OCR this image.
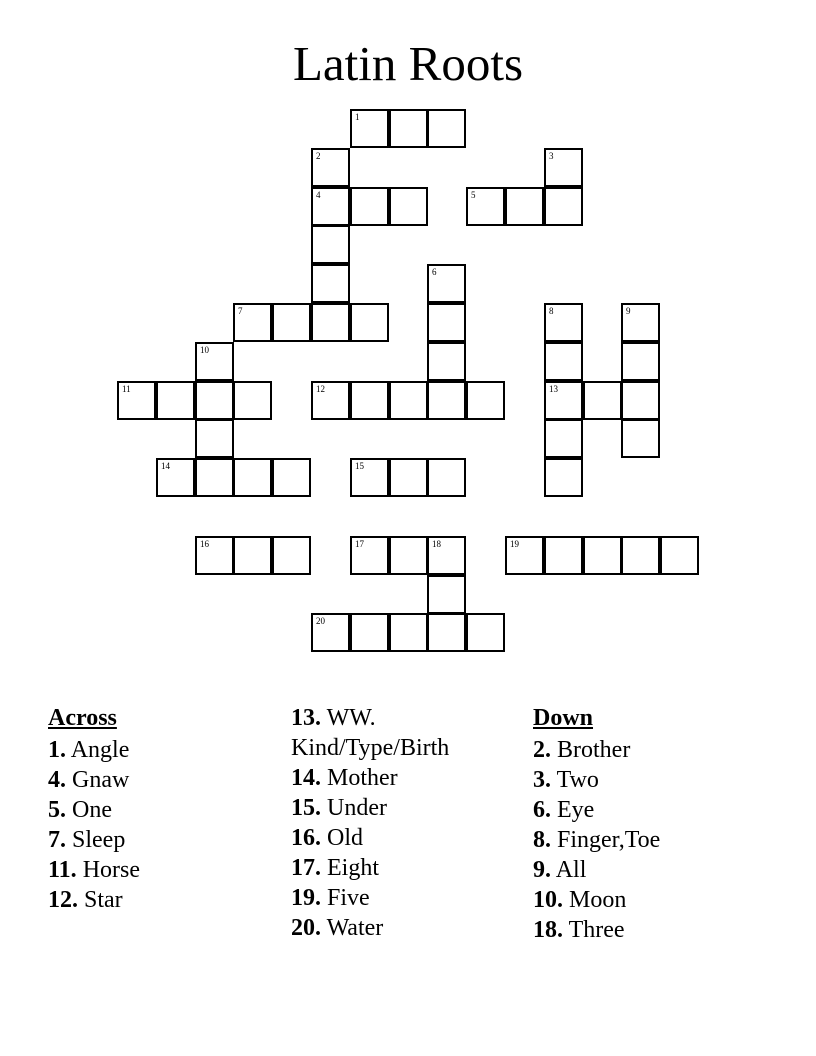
Latin Roots
1
2
4
3
5
6
7	8
13
9
10
11	12
14	15
16	17	18	19
20
Across
1. Angle
4. Gnaw
5. One
7. Sleep
11. Horse
12. Star
13. WW. Kind/Type/Birth
14. Mother
15. Under
16. Old
17. Eight
19. Five
20. Water
Down
2. Brother
3. Two
6. Eye
8. Finger,Toe
9. All
10. Moon
18. Three
